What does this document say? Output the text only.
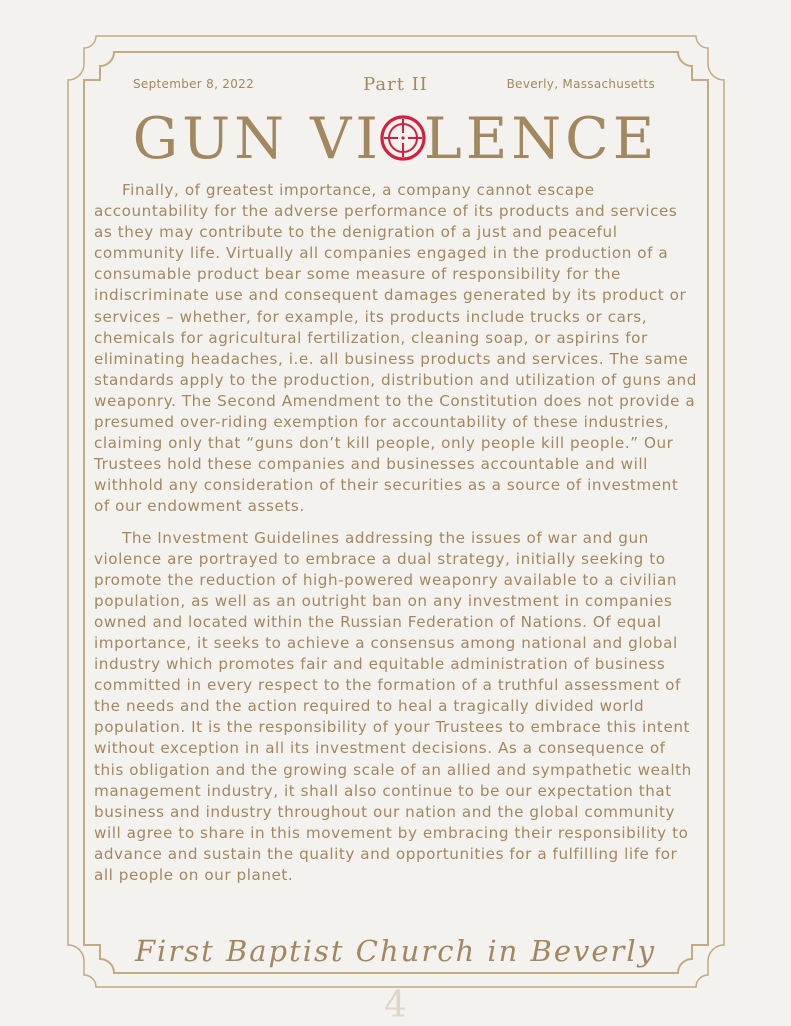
September 8, 2022	Part II	Beverly, Massachusetts
GUN VI LENCE

Finally, of greatest importance, a company cannot escape accountability for the adverse performance of its products and services as they may contribute to the denigration of a just and peaceful community life. Virtually all companies engaged in the production of a consumable product bear some measure of responsibility for the indiscriminate use and consequent damages generated by its product or services – whether, for example, its products include trucks or cars, chemicals for agricultural fertilization, cleaning soap, or aspirins for eliminating headaches, i.e. all business products and services. The same standards apply to the production, distribution and utilization of guns and weaponry. The Second Amendment to the Constitution does not provide a presumed over-riding exemption for accountability of these industries, claiming only that “guns don’t kill people, only people kill people.” Our Trustees hold these companies and businesses accountable and will withhold any consideration of their securities as a source of investment of our endowment assets.

The Investment Guidelines addressing the issues of war and gun violence are portrayed to embrace a dual strategy, initially seeking to promote the reduction of high-powered weaponry available to a civilian population, as well as an outright ban on any investment in companies owned and located within the Russian Federation of Nations. Of equal importance, it seeks to achieve a consensus among national and global industry which promotes fair and equitable administration of business committed in every respect to the formation of a truthful assessment of the needs and the action required to heal a tragically divided world population. It is the responsibility of your Trustees to embrace this intent without exception in all its investment decisions. As a consequence of this obligation and the growing scale of an allied and sympathetic wealth management industry, it shall also continue to be our expectation that business and industry throughout our nation and the global community will agree to share in this movement by embracing their responsibility to advance and sustain the quality and opportunities for a fulfilling life for all people on our planet.

First Baptist Church in Beverly
4
